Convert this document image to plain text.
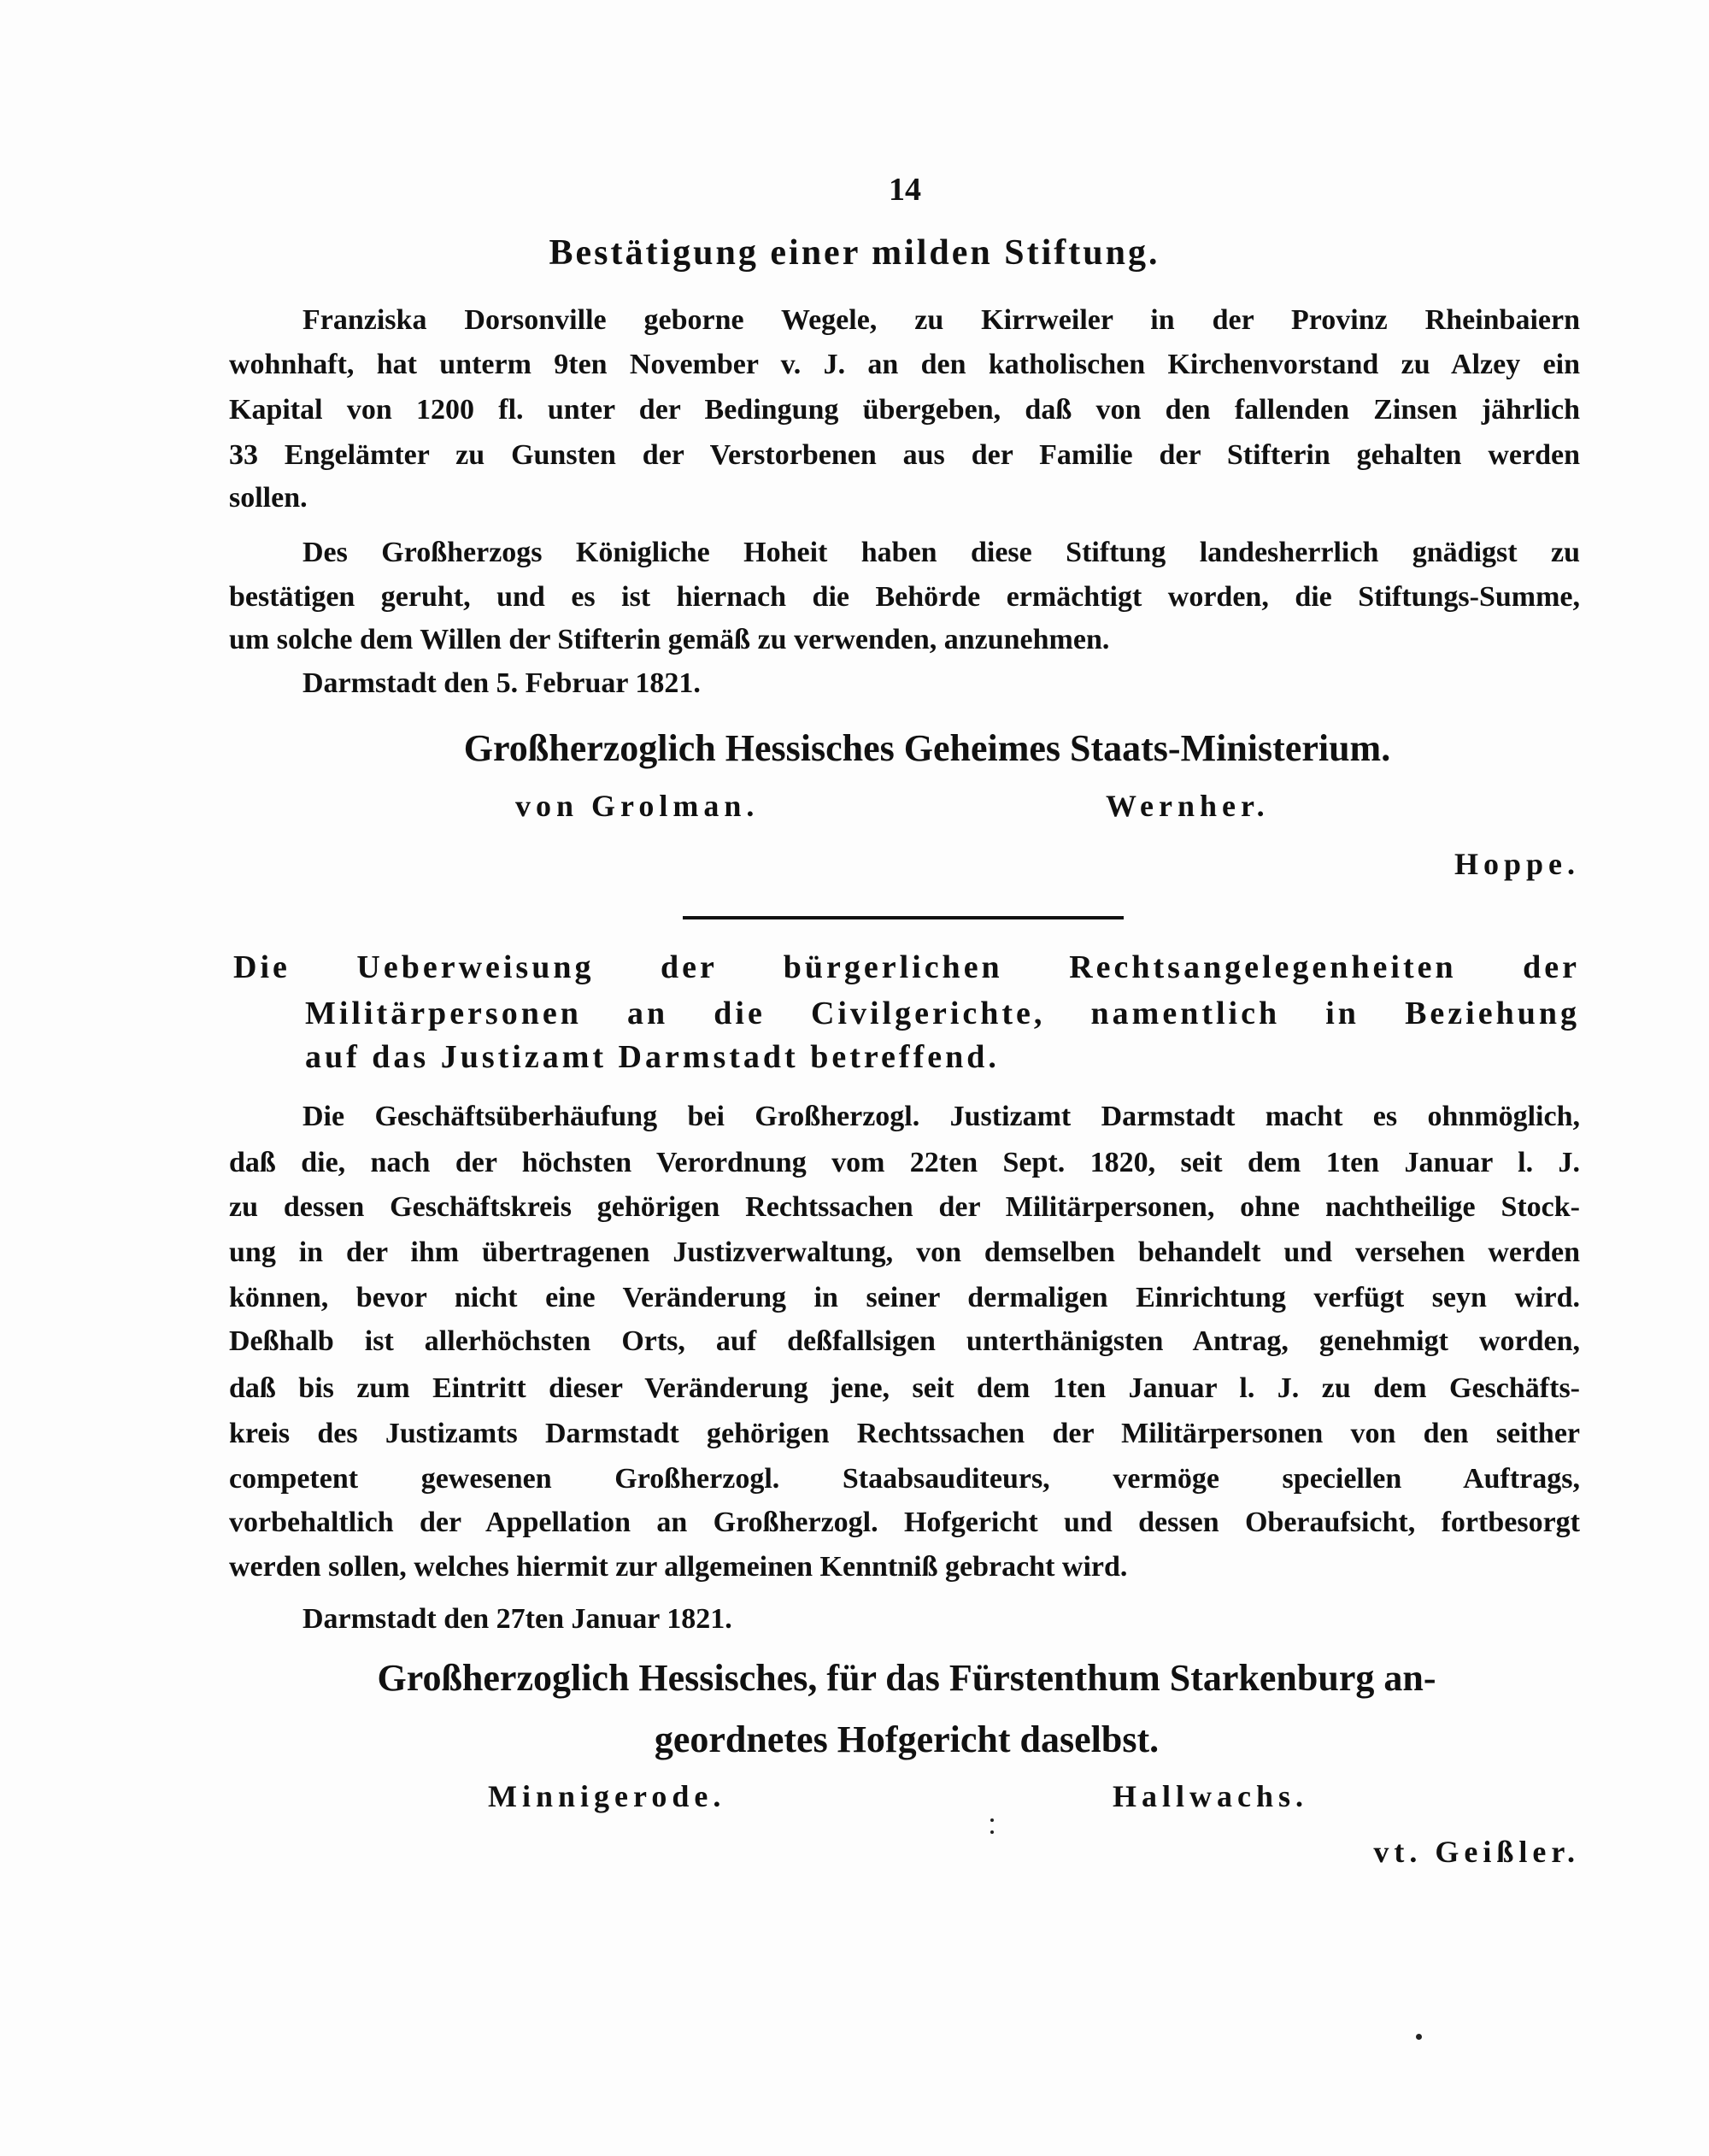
14
Bestätigung einer milden Stiftung.
Franziska Dorsonville geborne Wegele, zu Kirrweiler in der Provinz Rheinbaiern
wohnhaft, hat unterm 9ten November v. J. an den katholischen Kirchenvorstand zu Alzey ein
Kapital von 1200 fl. unter der Bedingung übergeben, daß von den fallenden Zinsen jährlich
33 Engelämter zu Gunsten der Verstorbenen aus der Familie der Stifterin gehalten werden
sollen.
Des Großherzogs Königliche Hoheit haben diese Stiftung landesherrlich gnädigst zu
bestätigen geruht, und es ist hiernach die Behörde ermächtigt worden, die Stiftungs-Summe,
um solche dem Willen der Stifterin gemäß zu verwenden, anzunehmen.
Darmstadt den 5. Februar 1821.
Großherzoglich Hessisches Geheimes Staats-Ministerium.
von Grolman.	Wernher.
Hoppe.
Die Ueberweisung der bürgerlichen Rechtsangelegenheiten der
Militärpersonen an die Civilgerichte, namentlich in Beziehung
auf das Justizamt Darmstadt betreffend.
Die Geschäftsüberhäufung bei Großherzogl. Justizamt Darmstadt macht es ohnmöglich,
daß die, nach der höchsten Verordnung vom 22ten Sept. 1820, seit dem 1ten Januar l. J.
zu dessen Geschäftskreis gehörigen Rechtssachen der Militärpersonen, ohne nachtheilige Stock-
ung in der ihm übertragenen Justizverwaltung, von demselben behandelt und versehen werden
können, bevor nicht eine Veränderung in seiner dermaligen Einrichtung verfügt seyn wird.
Deßhalb ist allerhöchsten Orts, auf deßfallsigen unterthänigsten Antrag, genehmigt worden,
daß bis zum Eintritt dieser Veränderung jene, seit dem 1ten Januar l. J. zu dem Geschäfts-
kreis des Justizamts Darmstadt gehörigen Rechtssachen der Militärpersonen von den seither
competent gewesenen Großherzogl. Staabsauditeurs, vermöge speciellen Auftrags,
vorbehaltlich der Appellation an Großherzogl. Hofgericht und dessen Oberaufsicht, fortbesorgt
werden sollen, welches hiermit zur allgemeinen Kenntniß gebracht wird.
Darmstadt den 27ten Januar 1821.
Großherzoglich Hessisches, für das Fürstenthum Starkenburg an-
geordnetes Hofgericht daselbst.
Minnigerode.	Hallwachs.
vt. Geißler.
